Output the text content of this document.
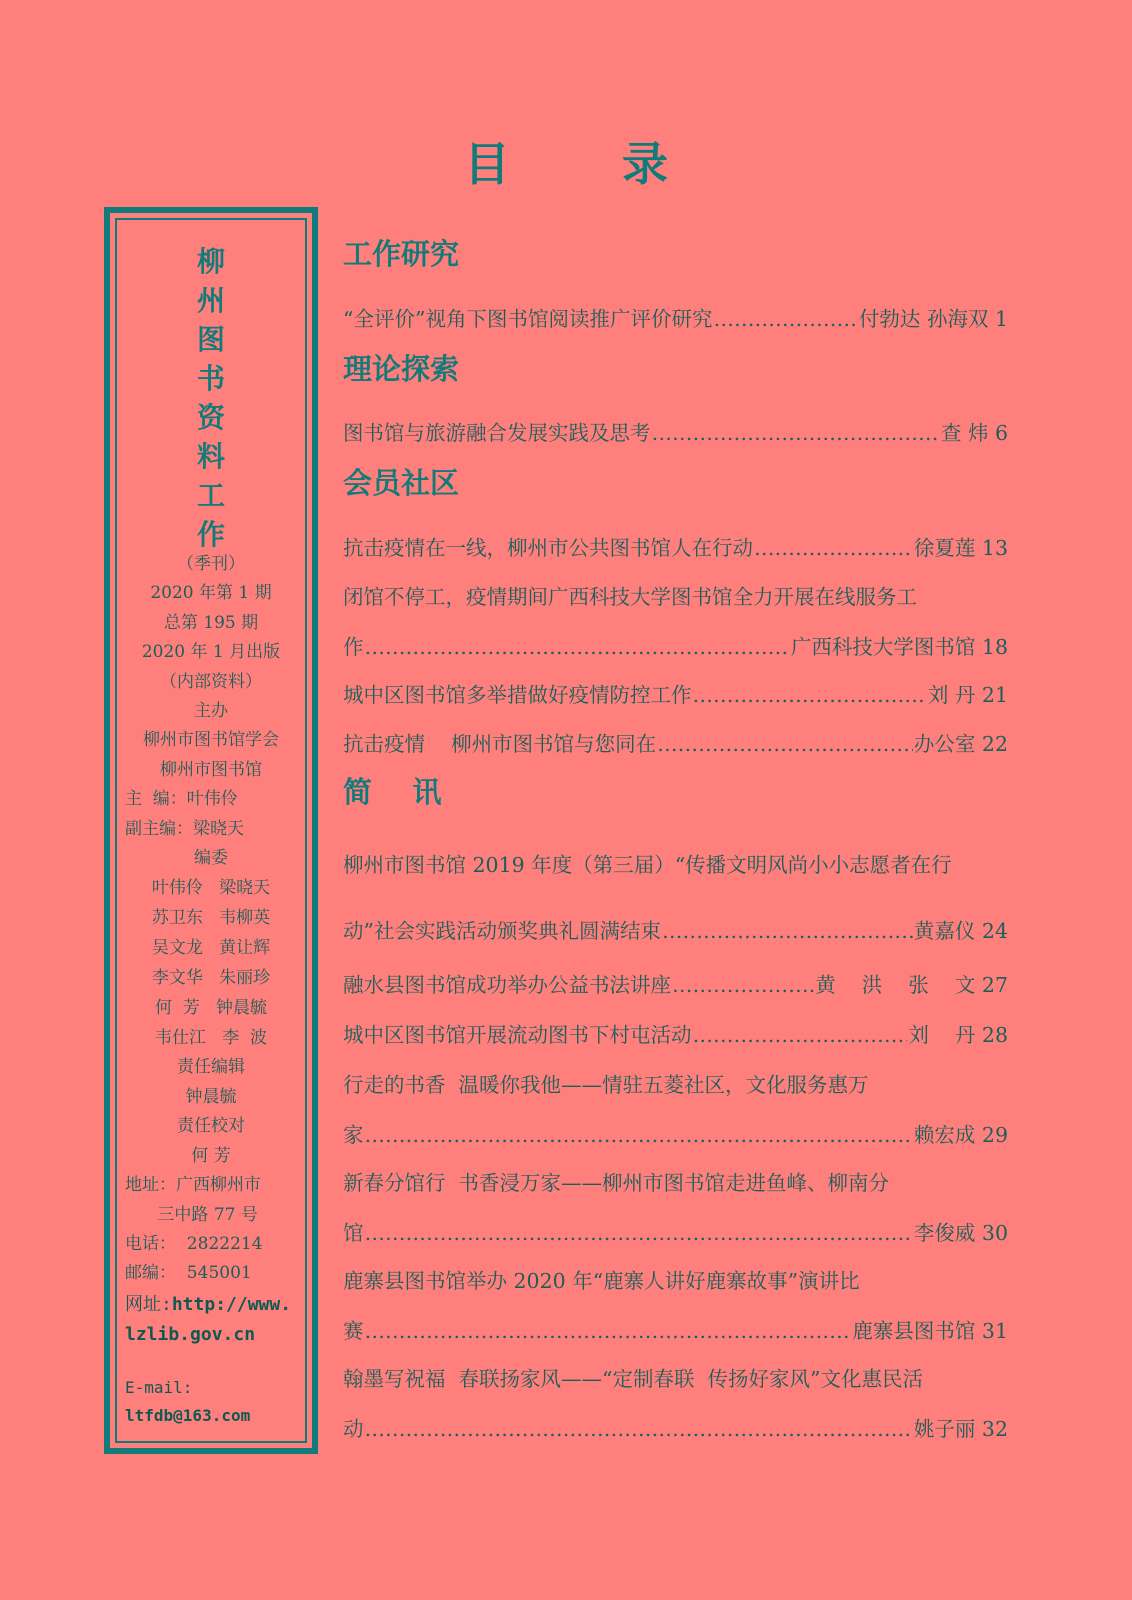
目 录
柳
州
图
书
资
料
工
作
（季刊）
2020 年第 1 期
总第 195 期
2020 年 1 月出版
（内部资料）
主办
柳州市图书馆学会
柳州市图书馆
主  编：叶伟伶
副主编：梁晓天
编委
叶伟伶   梁晓天
苏卫东   韦柳英
吴文龙   黄让辉
李文华   朱丽珍
何  芳   钟晨毓
韦仕江   李  波
责任编辑
钟晨毓
责任校对
何 芳
地址：广西柳州市
三中路 77 号
电话：  2822214
邮编：  545001
网址:http://www.
lzlib.gov.cn
E-mail:
ltfdb@163.com
工作研究
“全评价”视角下图书馆阅读推广评价研究 ………………………………………………………………………………………………………………	付勃达 孙海双 1
理论探索
图书馆与旅游融合发展实践及思考 ………………………………………………………………………………………………………………	查 炜 6
会员社区
抗击疫情在一线，柳州市公共图书馆人在行动 ………………………………………………………………………………………………………………	徐夏莲 13
闭馆不停工，疫情期间广西科技大学图书馆全力开展在线服务工
作 ………………………………………………………………………………………………………………	广西科技大学图书馆 18
城中区图书馆多举措做好疫情防控工作 ………………………………………………………………………………………………………………	刘 丹 21
抗击疫情    柳州市图书馆与您同在 ………………………………………………………………………………………………………………	办公室 22
简    讯
柳州市图书馆 2019 年度（第三届）“传播文明风尚小小志愿者在行
动”社会实践活动颁奖典礼圆满结束 ………………………………………………………………………………………………………………	黄嘉仪 24
融水县图书馆成功举办公益书法讲座 ………………………………………………………………………………………………………………	黄    洪    张    文 27
城中区图书馆开展流动图书下村屯活动 ………………………………………………………………………………………………………………	刘    丹 28
行走的书香  温暖你我他——情驻五菱社区，文化服务惠万
家 ………………………………………………………………………………………………………………	赖宏成 29
新春分馆行  书香浸万家——柳州市图书馆走进鱼峰、柳南分
馆 ………………………………………………………………………………………………………………	李俊威 30
鹿寨县图书馆举办 2020 年“鹿寨人讲好鹿寨故事”演讲比
赛 ………………………………………………………………………………………………………………	鹿寨县图书馆 31
翰墨写祝福  春联扬家风——“定制春联  传扬好家风”文化惠民活
动 ………………………………………………………………………………………………………………	姚子丽 32
